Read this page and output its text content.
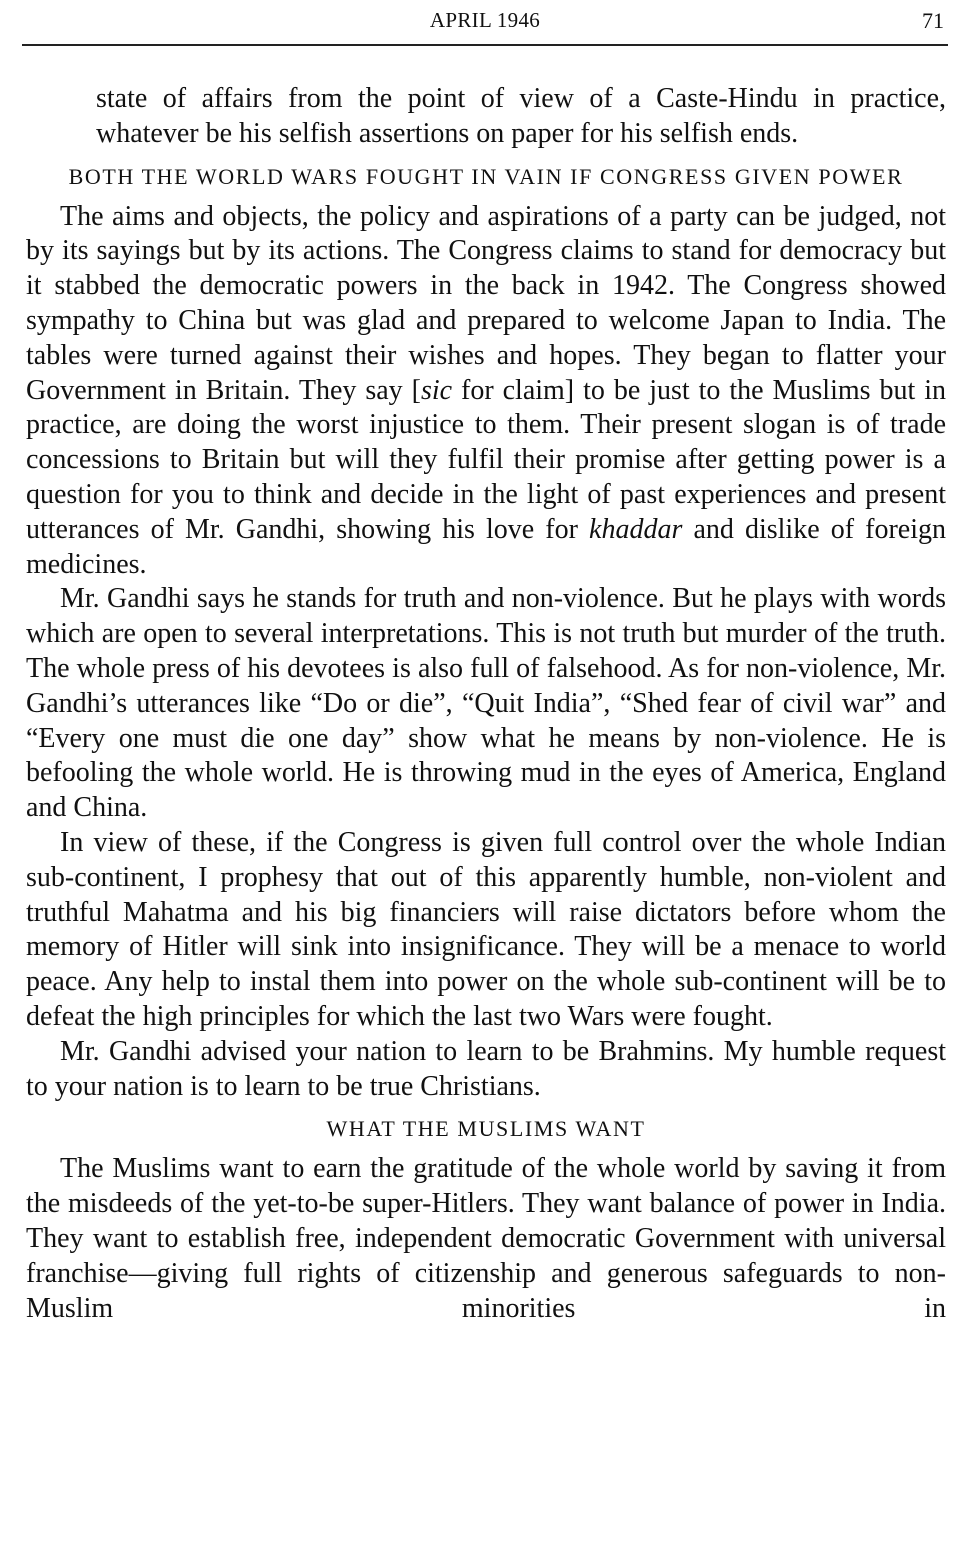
APRIL 1946	71

state of affairs from the point of view of a Caste-Hindu in practice, whatever be his selfish assertions on paper for his selfish ends.

BOTH THE WORLD WARS FOUGHT IN VAIN IF CONGRESS GIVEN POWER

The aims and objects, the policy and aspirations of a party can be judged, not by its sayings but by its actions. The Congress claims to stand for democracy but it stabbed the democratic powers in the back in 1942. The Congress showed sympathy to China but was glad and prepared to welcome Japan to India. The tables were turned against their wishes and hopes. They began to flatter your Government in Britain. They say [sic for claim] to be just to the Muslims but in practice, are doing the worst injustice to them. Their present slogan is of trade concessions to Britain but will they fulfil their promise after getting power is a question for you to think and decide in the light of past experiences and present utterances of Mr. Gandhi, showing his love for khaddar and dislike of foreign medicines.

Mr. Gandhi says he stands for truth and non-violence. But he plays with words which are open to several interpretations. This is not truth but murder of the truth. The whole press of his devotees is also full of falsehood. As for non-violence, Mr. Gandhi’s utterances like “Do or die”, “Quit India”, “Shed fear of civil war” and “Every one must die one day” show what he means by non-violence. He is befooling the whole world. He is throwing mud in the eyes of America, England and China.

In view of these, if the Congress is given full control over the whole Indian sub-continent, I prophesy that out of this apparently humble, non-violent and truthful Mahatma and his big financiers will raise dictators before whom the memory of Hitler will sink into insignificance. They will be a menace to world peace. Any help to instal them into power on the whole sub-continent will be to defeat the high principles for which the last two Wars were fought.

Mr. Gandhi advised your nation to learn to be Brahmins. My humble request to your nation is to learn to be true Christians.

WHAT THE MUSLIMS WANT

The Muslims want to earn the gratitude of the whole world by saving it from the misdeeds of the yet-to-be super-Hitlers. They want balance of power in India. They want to establish free, independent democratic Government with universal franchise—giving full rights of citizenship and generous safeguards to non-Muslim minorities in
